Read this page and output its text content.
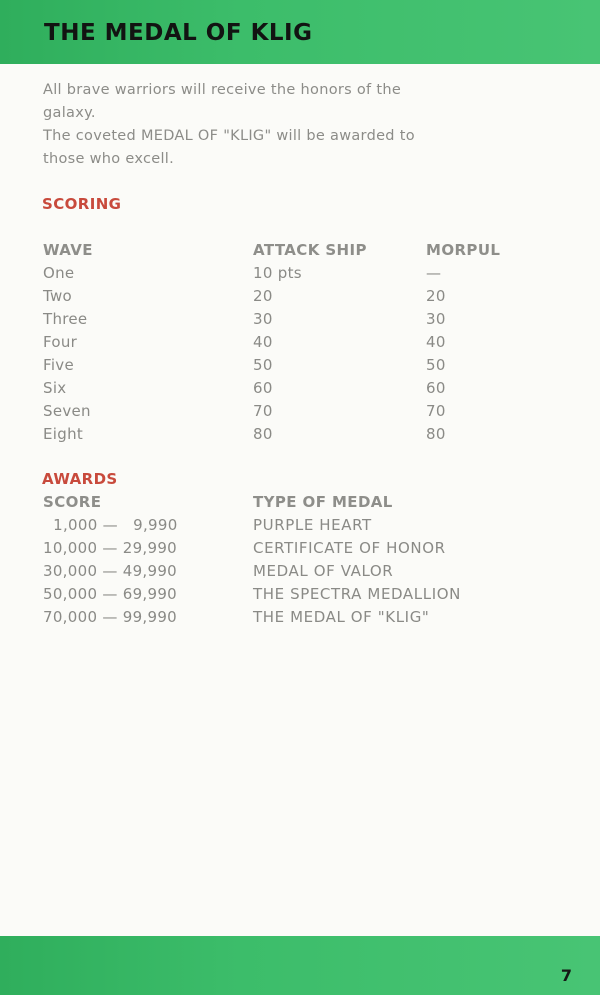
THE MEDAL OF KLIG

All brave warriors will receive the honors of the

galaxy.

The coveted MEDAL OF "KLIG" will be awarded to

those who excell.

SCORING
WAVE	ATTACK SHIP	MORPUL
One	10 pts	—
Two	20	20
Three	30	30
Four	40	40
Five	50	50
Six	60	60
Seven	70	70
Eight	80	80
AWARDS
SCORE	TYPE OF MEDAL
1,000 —   9,990	PURPLE HEART
10,000 — 29,990	CERTIFICATE OF HONOR
30,000 — 49,990	MEDAL OF VALOR
50,000 — 69,990	THE SPECTRA MEDALLION
70,000 — 99,990	THE MEDAL OF "KLIG"
7
